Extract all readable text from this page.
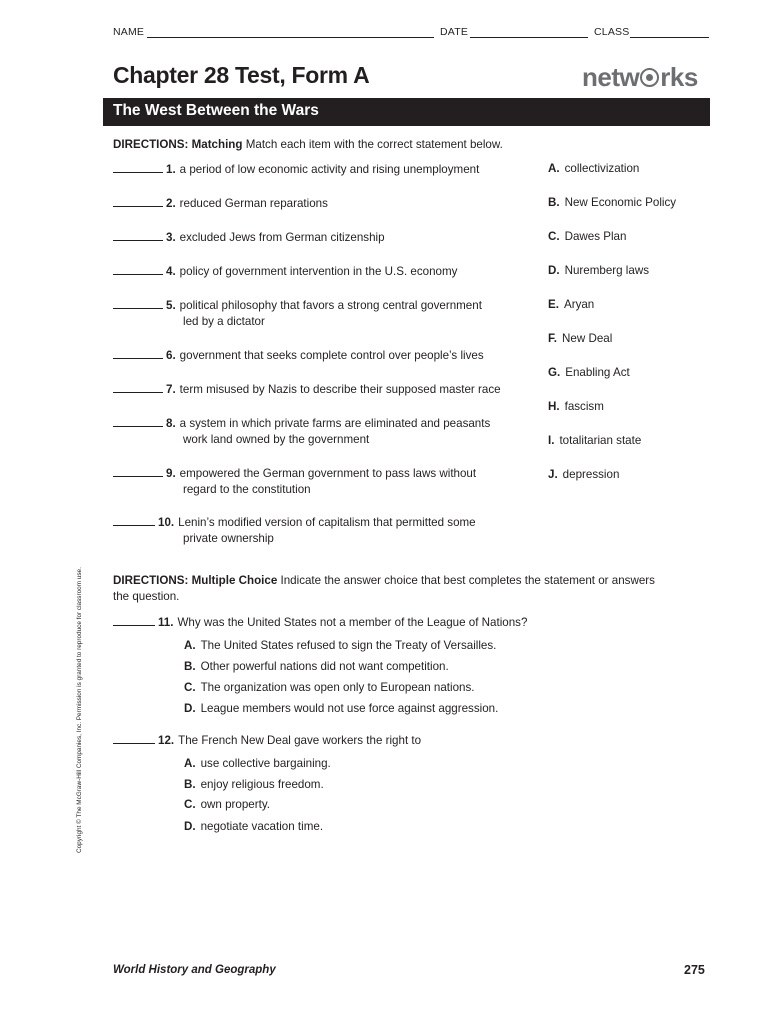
NAME	DATE	CLASS
Chapter 28 Test, Form A	netw rks
The West Between the Wars
DIRECTIONS: Matching Match each item with the correct statement below.
1. a period of low economic activity and rising unemployment
2. reduced German reparations
3. excluded Jews from German citizenship
4. policy of government intervention in the U.S. economy
5. political philosophy that favors a strong central government
led by a dictator
6. government that seeks complete control over people’s lives
7. term misused by Nazis to describe their supposed master race
8. a system in which private farms are eliminated and peasants
work land owned by the government
9. empowered the German government to pass laws without
regard to the constitution
10. Lenin’s modified version of capitalism that permitted some
private ownership
A. collectivization
B. New Economic Policy
C. Dawes Plan
D. Nuremberg laws
E. Aryan
F. New Deal
G. Enabling Act
H. fascism
I. totalitarian state
J. depression
DIRECTIONS: Multiple Choice Indicate the answer choice that best completes the statement or answers
the question.
11. Why was the United States not a member of the League of Nations?
A. The United States refused to sign the Treaty of Versailles.
B. Other powerful nations did not want competition.
C. The organization was open only to European nations.
D. League members would not use force against aggression.
12. The French New Deal gave workers the right to
A. use collective bargaining.
B. enjoy religious freedom.
C. own property.
D. negotiate vacation time.
Copyright © The McGraw-Hill Companies, Inc. Permission is granted to reproduce for classroom use.
World History and Geography	275
